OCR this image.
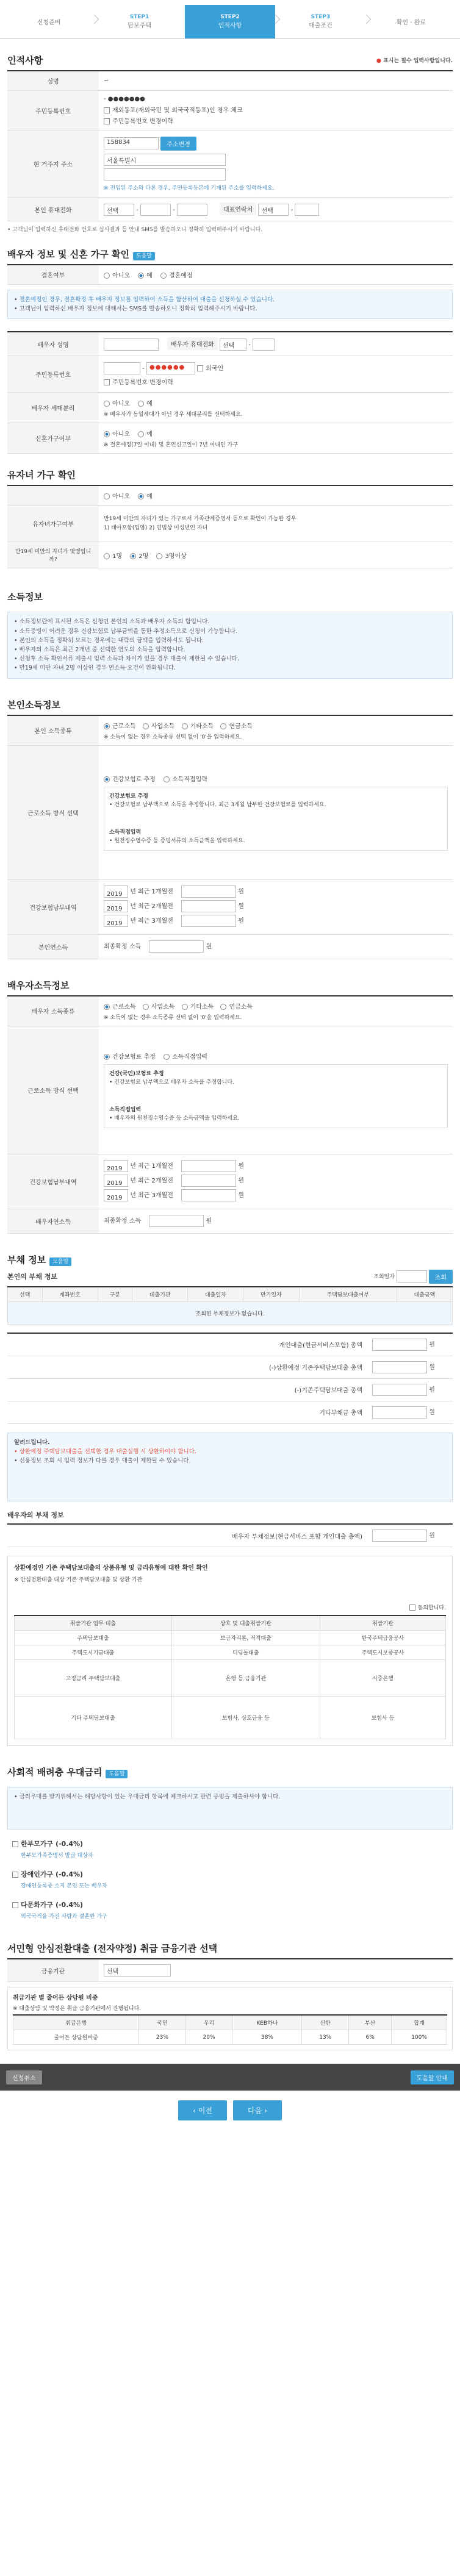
신청준비
STEP1
담보주택
STEP2
인적사항
STEP3
대출조건	확인 · 완료
인적사항	● 표시는 필수 입력사항입니다.
성명	~
주민등록번호	- ●●●●●●●
재외동포(재외국민 및 외국국적동포)인 경우 체크
주민등록번호 변경이력

현 거주지 주소	158834 주소변경
서울특별시
※ 전입된 주소와 다른 경우, 주민등록등본에 기재된 주소를 입력하세요.

본인 휴대전화	선택 - - 대표연락처 선택 -
• 고객님이 입력하신 휴대전화 번호로 심사결과 등 안내 SMS를 발송하오니 정확히 입력해주시기 바랍니다.
배우자 정보 및 신혼 가구 확인 도움말
결혼여부	아니오	예	결혼예정
• 결혼예정인 경우, 결혼확정 후 배우자 정보를 입력하여 소득을 합산하여 대출을 신청하실 수 있습니다.
• 고객님이 입력하신 배우자 정보에 대해서는 SMS를 발송하오니 정확히 입력해주시기 바랍니다.
배우자 성명	배우자 휴대전화 선택 -
주민등록번호	- ●●●●●● 외국인
주민등록번호 변경이력

배우자 세대분리	아니오 예
※ 배우자가 동일세대가 아닌 경우 세대분리를 선택하세요.

신혼가구여부	아니오 예
※ 결혼예정(7일 이내) 및 혼인신고일이 7년 이내인 가구
유자녀 가구 확인
	아니오 예
유자녀가구여부	만19세 미만의 자녀가 있는 가구로서 가족관계증명서 등으로 확인이 가능한 경우
1) 태아포함(입양) 2) 민법상 미성년인 자녀

만19세 미만의 자녀가 몇명입니까?	1명 2명 3명이상
소득정보
• 소득정보란에 표시된 소득은 신청인 본인의 소득과 배우자 소득의 합입니다.
• 소득증빙이 어려운 경우 건강보험료 납부금액을 통한 추정소득으로 신청이 가능합니다.
• 본인의 소득을 정확히 모르는 경우에는 대략의 금액을 입력하셔도 됩니다.
• 배우자의 소득은 최근 2개년 중 선택한 연도의 소득을 입력합니다.
• 신청후 소득 확인서류 제출시 입력 소득과 차이가 있을 경우 대출이 제한될 수 있습니다.
• 만19세 미만 자녀 2명 이상인 경우 연소득 요건이 완화됩니다.
본인소득정보
본인 소득종류	근로소득 사업소득 기타소득 연금소득
※ 소득이 없는 경우 소득종류 선택 없이 '0'을 입력하세요.

근로소득 방식 선택	건강보험료 추정 소득직접입력
건강보험료 추정
• 건강보험료 납부액으로 소득을 추정합니다. 최근 3개월 납부한 건강보험료를 입력하세요.
소득직접입력
• 원천징수영수증 등 증빙서류의 소득금액을 입력하세요.

건강보험납부내역	2019 년 최근 1개월전 원
2019 년 최근 2개월전 원
2019 년 최근 3개월전 원

본인연소득	최종확정 소득 원
배우자소득정보
배우자 소득종류	근로소득 사업소득 기타소득 연금소득
※ 소득이 없는 경우 소득종류 선택 없이 '0'을 입력하세요.

근로소득 방식 선택	건강보험료 추정 소득직접입력
건강(국민)보험료 추정
• 건강보험료 납부액으로 배우자 소득을 추정합니다.
소득직접입력
• 배우자의 원천징수영수증 등 소득금액을 입력하세요.

건강보험납부내역	2019 년 최근 1개월전 원
2019 년 최근 2개월전 원
2019 년 최근 3개월전 원

배우자연소득	최종확정 소득 원
부채 정보 도움말
본인의 부채 정보	조회일자	조회
선택	계좌번호	구분	대출기관	대출일자	만기일자	주택담보대출여부	대출금액
조회된 부채정보가 없습니다.
개인대출(현금서비스포함) 총액	원
(-)상환예정 기존주택담보대출 총액	원
(-)기존주택담보대출 총액	원
기타부채금 총액	원
알려드립니다.
• 상환예정 주택담보대출을 선택한 경우 대출실행 시 상환하여야 합니다.
• 신용정보 조회 시 입력 정보가 다를 경우 대출이 제한될 수 있습니다.
배우자의 부채 정보
배우자 부채정보(현금서비스 포함 개인대출 총액)	원
상환예정인 기존 주택담보대출의 상품유형 및 금리유형에 대한 확인 확인
※ 안심전환대출 대상 기존 주택담보대출 및 상환 기관
동의합니다.
취급기관 업무 대출	상호 및 대출취급기관	취급기관
주택담보대출	보금자리론, 적격대출	한국주택금융공사
주택도시기금대출	디딤돌대출	주택도시보증공사
고정금리 주택담보대출	은행 등 금융기관	시중은행
기타 주택담보대출	보험사, 상호금융 등	보험사 등
사회적 배려층 우대금리 도움말
• 금리우대를 받기위해서는 해당사항이 있는 우대금리 항목에 체크하시고 관련 증빙을 제출하셔야 합니다.
한부모가구 (-0.4%)
한부모가족증명서 발급 대상자
장애인가구 (-0.4%)
장애인등록증 소지 본인 또는 배우자
다문화가구 (-0.4%)
외국국적을 가진 사람과 결혼한 가구
서민형 안심전환대출 (전자약정) 취급 금융기관 선택
금융기관	선택
취급기관 별 줄어든 상담원 비중
※ 대출상담 및 약정은 취급 금융기관에서 진행됩니다.
취급은행	국민	우리	KEB하나	신한	부산	합계
줄어든 상담원비중	23%	20%	38%	13%	6%	100%
신청취소	도움말 안내
‹ 이전	다음 ›
